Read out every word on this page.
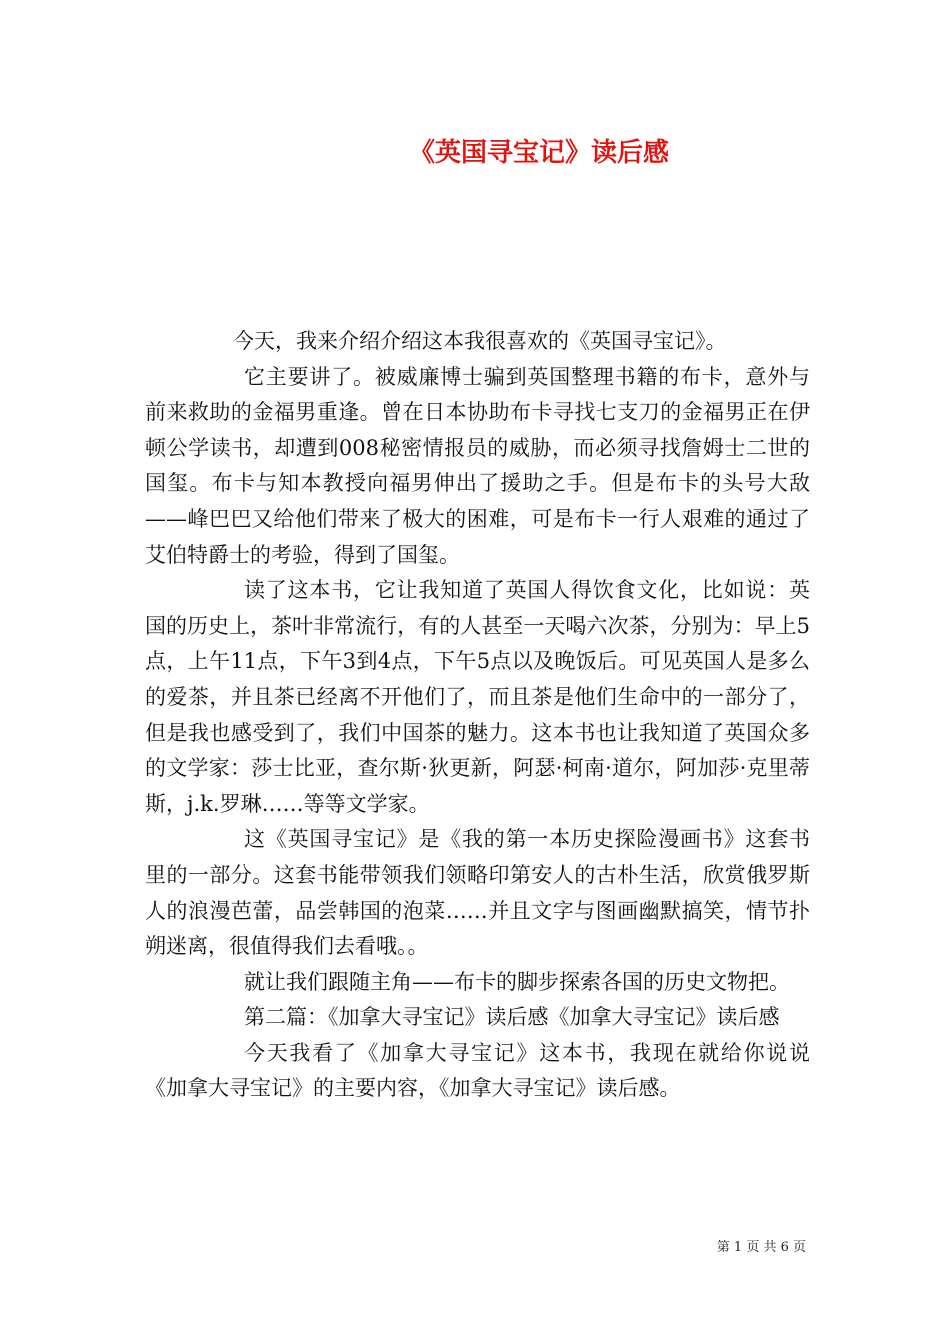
《英国寻宝记》读后感

今天，我来介绍介绍这本我很喜欢的《英国寻宝记》。

它主要讲了。被威廉博士骗到英国整理书籍的布卡，意外与前来救助的金福男重逢。曾在日本协助布卡寻找七支刀的金福男正在伊顿公学读书，却遭到008秘密情报员的威胁，而必须寻找詹姆士二世的国玺。布卡与知本教授向福男伸出了援助之手。但是布卡的头号大敌——峰巴巴又给他们带来了极大的困难，可是布卡一行人艰难的通过了艾伯特爵士的考验，得到了国玺。

读了这本书，它让我知道了英国人得饮食文化，比如说：英国的历史上，茶叶非常流行，有的人甚至一天喝六次茶，分别为：早上5点，上午11点，下午3到4点，下午5点以及晚饭后。可见英国人是多么的爱茶，并且茶已经离不开他们了，而且茶是他们生命中的一部分了，但是我也感受到了，我们中国茶的魅力。这本书也让我知道了英国众多的文学家：莎士比亚，查尔斯·狄更新，阿瑟·柯南·道尔，阿加莎·克里蒂斯，j.k.罗琳……等等文学家。

这《英国寻宝记》是《我的第一本历史探险漫画书》这套书里的一部分。这套书能带领我们领略印第安人的古朴生活，欣赏俄罗斯人的浪漫芭蕾，品尝韩国的泡菜……并且文字与图画幽默搞笑，情节扑朔迷离，很值得我们去看哦。。

就让我们跟随主角——布卡的脚步探索各国的历史文物把。

第二篇：《加拿大寻宝记》读后感《加拿大寻宝记》读后感

今天我看了《加拿大寻宝记》这本书，我现在就给你说说《加拿大寻宝记》的主要内容，《加拿大寻宝记》读后感。

第 1 页 共 6 页
